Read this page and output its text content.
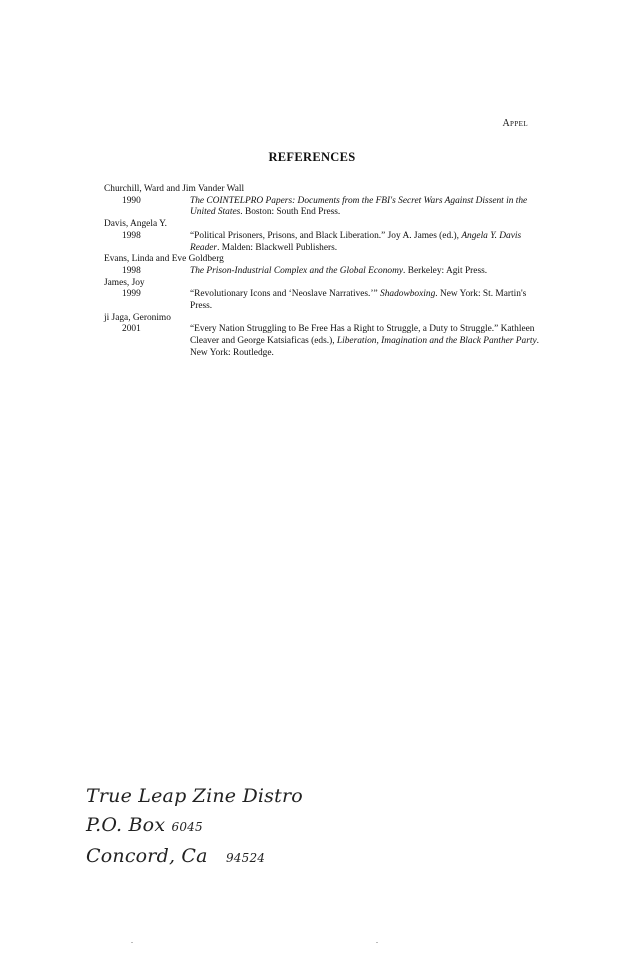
Appel
REFERENCES
Churchill, Ward and Jim Vander Wall
1990	The COINTELPRO Papers: Documents from the FBI's Secret Wars Against Dissent in the United States. Boston: South End Press.
Davis, Angela Y.
1998	“Political Prisoners, Prisons, and Black Liberation.” Joy A. James (ed.), Angela Y. Davis Reader. Malden: Blackwell Publishers.
Evans, Linda and Eve Goldberg
1998	The Prison-Industrial Complex and the Global Economy. Berkeley: Agit Press.
James, Joy
1999	“Revolutionary Icons and ‘Neoslave Narratives.’” Shadowboxing. New York: St. Martin's Press.
ji Jaga, Geronimo
2001	“Every Nation Struggling to Be Free Has a Right to Struggle, a Duty to Struggle.” Kathleen Cleaver and George Katsiaficas (eds.), Liberation, Imagination and the Black Panther Party. New York: Routledge.
True Leap Zine Distro
P.O. Box 6045
Concord, Ca 94524
